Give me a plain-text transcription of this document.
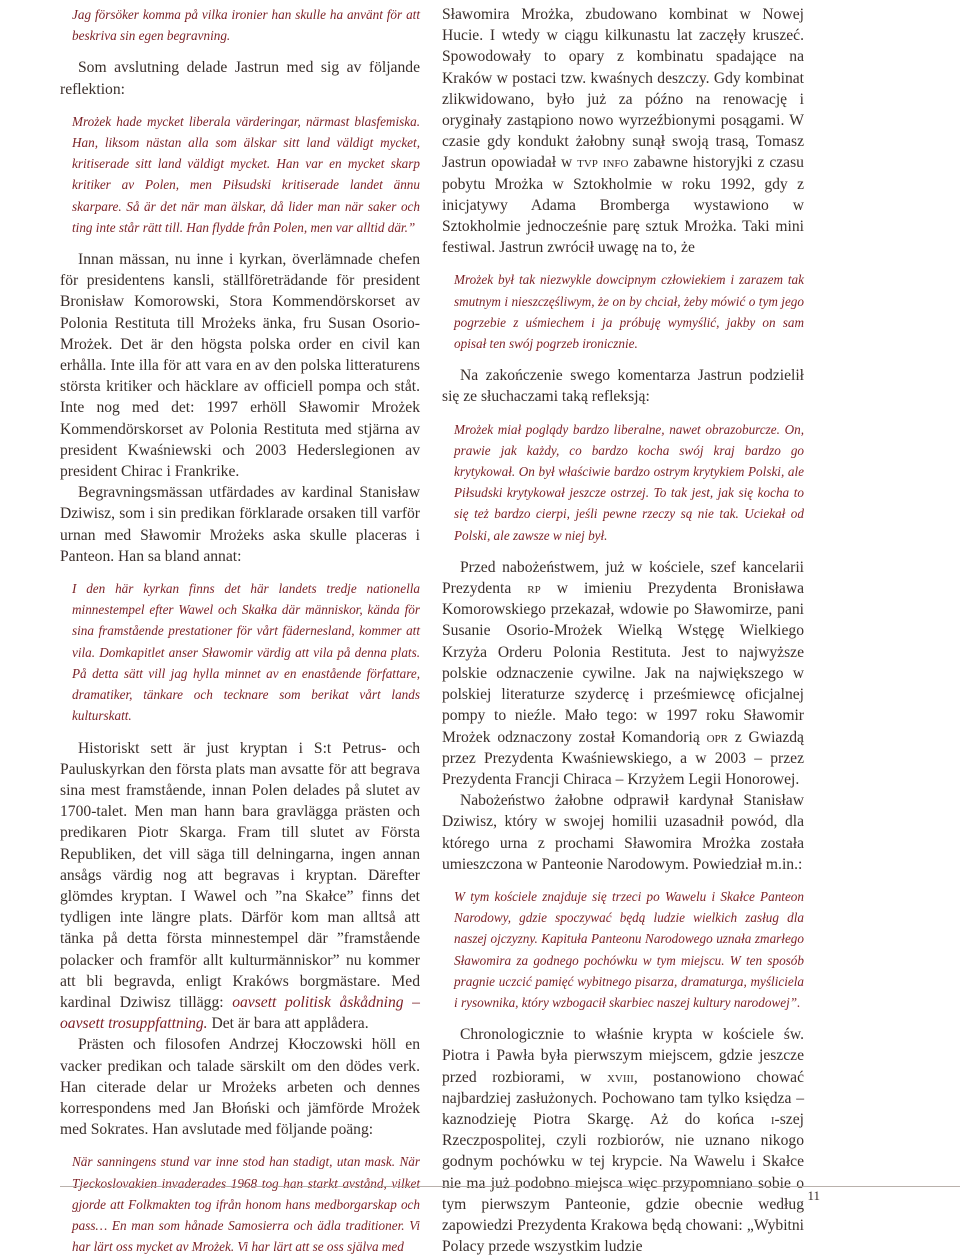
Jag försöker komma på vilka ironier han skulle ha använt för att beskriva sin egen begravning.

Som avslutning delade Jastrun med sig av följande reflektion:

Mrożek hade mycket liberala värderingar, närmast blasfemiska. Han, liksom nästan alla som älskar sitt land väldigt mycket, kritiserade sitt land väldigt mycket. Han var en mycket skarp kritiker av Polen, men Piłsudski kritiserade landet ännu skarpare. Så är det när man älskar, då lider man när saker och ting inte står rätt till. Han flydde från Polen, men var alltid där.”

Innan mässan, nu inne i kyrkan, överlämnade chefen för presidentens kansli, ställföreträdande för president Bronisław Komorowski, Stora Kommendörskorset av Polonia Restituta till Mrożeks änka, fru Susan Osorio-Mrożek. Det är den högsta polska order en civil kan erhålla. Inte illa för att vara en av den polska litteraturens största kritiker och häcklare av officiell pompa och ståt. Inte nog med det: 1997 erhöll Sławomir Mrożek Kommendörskorset av Polonia Restituta med stjärna av president Kwaśniewski och 2003 Hederslegionen av president Chirac i Frankrike.

Begravningsmässan utfärdades av kardinal Stanisław Dziwisz, som i sin predikan förklarade orsaken till varför urnan med Sławomir Mrożeks aska skulle placeras i Panteon. Han sa bland annat:

I den här kyrkan finns det här landets tredje nationella minnestempel efter Wawel och Skałka där människor, kända för sina framstående prestationer för vårt fädernesland, kommer att vila. Domkapitlet anser Sławomir värdig att vila på denna plats. På detta sätt vill jag hylla minnet av en enastående författare, dramatiker, tänkare och tecknare som berikat vårt lands kulturskatt.

Historiskt sett är just kryptan i S:t Petrus- och Pauluskyrkan den första plats man avsatte för att begrava sina mest framstående, innan Polen delades på slutet av 1700-talet. Men man hann bara gravlägga prästen och predikaren Piotr Skarga. Fram till slutet av Första Republiken, det vill säga till delningarna, ingen annan ansågs värdig nog att begravas i kryptan. Därefter glömdes kryptan. I Wawel och ”na Skałce” finns det tydligen inte längre plats. Därför kom man alltså att tänka på detta första minnestempel där ”framstående polacker och framför allt kulturmänniskor” nu kommer att bli begravda, enligt Krakóws borgmästare. Med kardinal Dziwisz tillägg: oavsett politisk åskådning – oavsett trosuppfattning. Det är bara att applådera.

Prästen och filosofen Andrzej Kłoczowski höll en vacker predikan och talade särskilt om den dödes verk. Han citerade delar ur Mrożeks arbeten och dennes korrespondens med Jan Błoński och jämförde Mrożek med Sokrates. Han avslutade med följande poäng:

När sanningens stund var inne stod han stadigt, utan mask. När Tjeckoslovakien invaderades 1968 tog han starkt avstånd, vilket gjorde att Folkmakten tog ifrån honom hans medborgarskap och pass… En man som hånade Samosierra och ädla traditioner. Vi har lärt oss mycket av Mrożek. Vi har lärt att se oss själva med

Sławomira Mrożka, zbudowano kombinat w Nowej Hucie. I wtedy w ciągu kilkunastu lat zaczęły kruszeć. Spowodowały to opary z kombinatu spadające na Kraków w postaci tzw. kwaśnych deszczy. Gdy kombinat zlikwidowano, było już za późno na renowację i oryginały zastąpiono nowo wyrzeźbionymi posągami. W czasie gdy kondukt żałobny sunął swoją trasą, Tomasz Jastrun opowiadał w tvp info zabawne historyjki z czasu pobytu Mrożka w Sztokholmie w roku 1992, gdy z inicjatywy Adama Bromberga wystawiono w Sztokholmie jednocześnie parę sztuk Mrożka. Taki mini festiwal. Jastrun zwrócił uwagę na to, że

Mrożek był tak niezwykle dowcipnym człowiekiem i zarazem tak smutnym i nieszczęśliwym, że on by chciał, żeby mówić o tym jego pogrzebie z uśmiechem i ja próbuję wymyślić, jakby on sam opisał ten swój pogrzeb ironicznie.

Na zakończenie swego komentarza Jastrun podzielił się ze słuchaczami taką refleksją:

Mrożek miał poglądy bardzo liberalne, nawet obrazoburcze. On, prawie jak każdy, co bardzo kocha swój kraj bardzo go krytykował. On był właściwie bardzo ostrym krytykiem Polski, ale Piłsudski krytykował jeszcze ostrzej. To tak jest, jak się kocha to się też bardzo cierpi, jeśli pewne rzeczy są nie tak. Uciekał od Polski, ale zawsze w niej był.

Przed nabożeństwem, już w kościele, szef kancelarii Prezydenta rp w imieniu Prezydenta Bronisława Komorowskiego przekazał, wdowie po Sławomirze, pani Susanie Osorio-Mrożek Wielką Wstęgę Wielkiego Krzyża Orderu Polonia Restituta. Jest to najwyższe polskie odznaczenie cywilne. Jak na największego w polskiej literaturze szydercę i prześmiewcę oficjalnej pompy to nieźle. Mało tego: w 1997 roku Sławomir Mrożek odznaczony został Komandorią opr z Gwiazdą przez Prezydenta Kwaśniewskiego, a w 2003 – przez Prezydenta Francji Chiraca – Krzyżem Legii Honorowej.

Nabożeństwo żałobne odprawił kardynał Stanisław Dziwisz, który w swojej homilii uzasadnił powód, dla którego urna z prochami Sławomira Mrożka została umieszczona w Panteonie Narodowym. Powiedział m.in.:

W tym kościele znajduje się trzeci po Wawelu i Skałce Panteon Narodowy, gdzie spoczywać będą ludzie wielkich zasług dla naszej ojczyzny. Kapituła Panteonu Narodowego uznała zmarłego Sławomira za godnego pochówku w tym miejscu. W ten sposób pragnie uczcić pamięć wybitnego pisarza, dramaturga, myśliciela i rysownika, który wzbogacił skarbiec naszej kultury narodowej”.

Chronologicznie to właśnie krypta w kościele św. Piotra i Pawła była pierwszym miejscem, gdzie jeszcze przed rozbiorami, w xviii, postanowiono chować najbardziej zasłużonych. Pochowano tam tylko księdza – kaznodzieję Piotra Skargę. Aż do końca i-szej Rzeczpospolitej, czyli rozbiorów, nie uznano nikogo godnym pochówku w tej krypcie. Na Wawelu i Skałce nie ma już podobno miejsca więc przypomniano sobie o tym pierwszym Panteonie, gdzie obecnie według zapowiedzi Prezydenta Krakowa będą chowani: „Wybitni Polacy przede wszystkim ludzie

11
